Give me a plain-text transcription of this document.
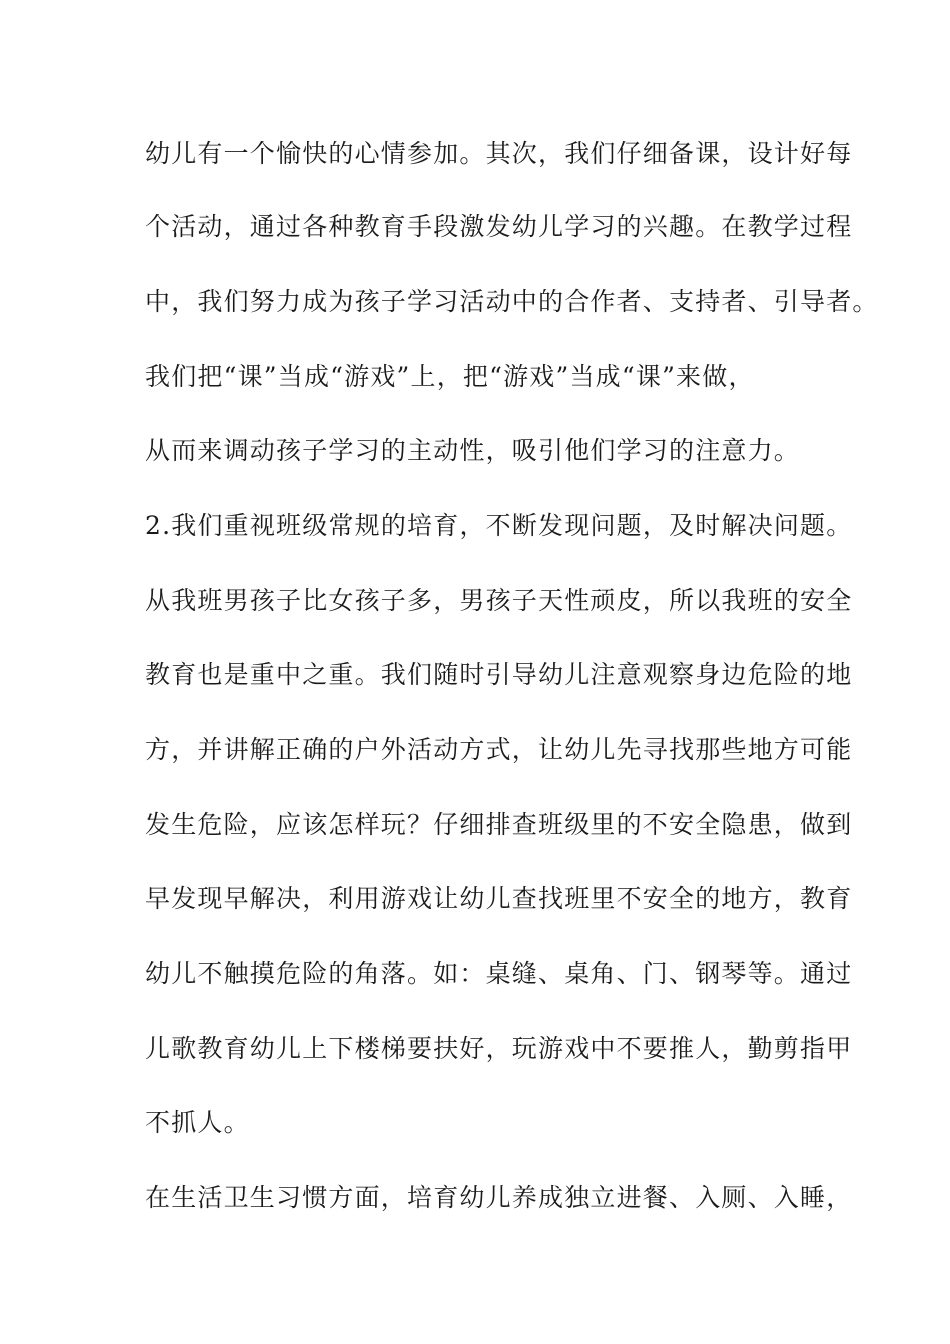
幼儿有一个愉快的心情参加。其次，我们仔细备课，设计好每
个活动，通过各种教育手段激发幼儿学习的兴趣。在教学过程
中，我们努力成为孩子学习活动中的合作者、支持者、引导者。
我们把“课”当成“游戏”上，把“游戏”当成“课”来做，
从而来调动孩子学习的主动性，吸引他们学习的注意力。
2.我们重视班级常规的培育，不断发现问题，及时解决问题。
从我班男孩子比女孩子多，男孩子天性顽皮，所以我班的安全
教育也是重中之重。我们随时引导幼儿注意观察身边危险的地
方，并讲解正确的户外活动方式，让幼儿先寻找那些地方可能
发生危险，应该怎样玩？仔细排查班级里的不安全隐患，做到
早发现早解决，利用游戏让幼儿查找班里不安全的地方，教育
幼儿不触摸危险的角落。如：桌缝、桌角、门、钢琴等。通过
儿歌教育幼儿上下楼梯要扶好，玩游戏中不要推人，勤剪指甲
不抓人。
在生活卫生习惯方面，培育幼儿养成独立进餐、入厕、入睡，
